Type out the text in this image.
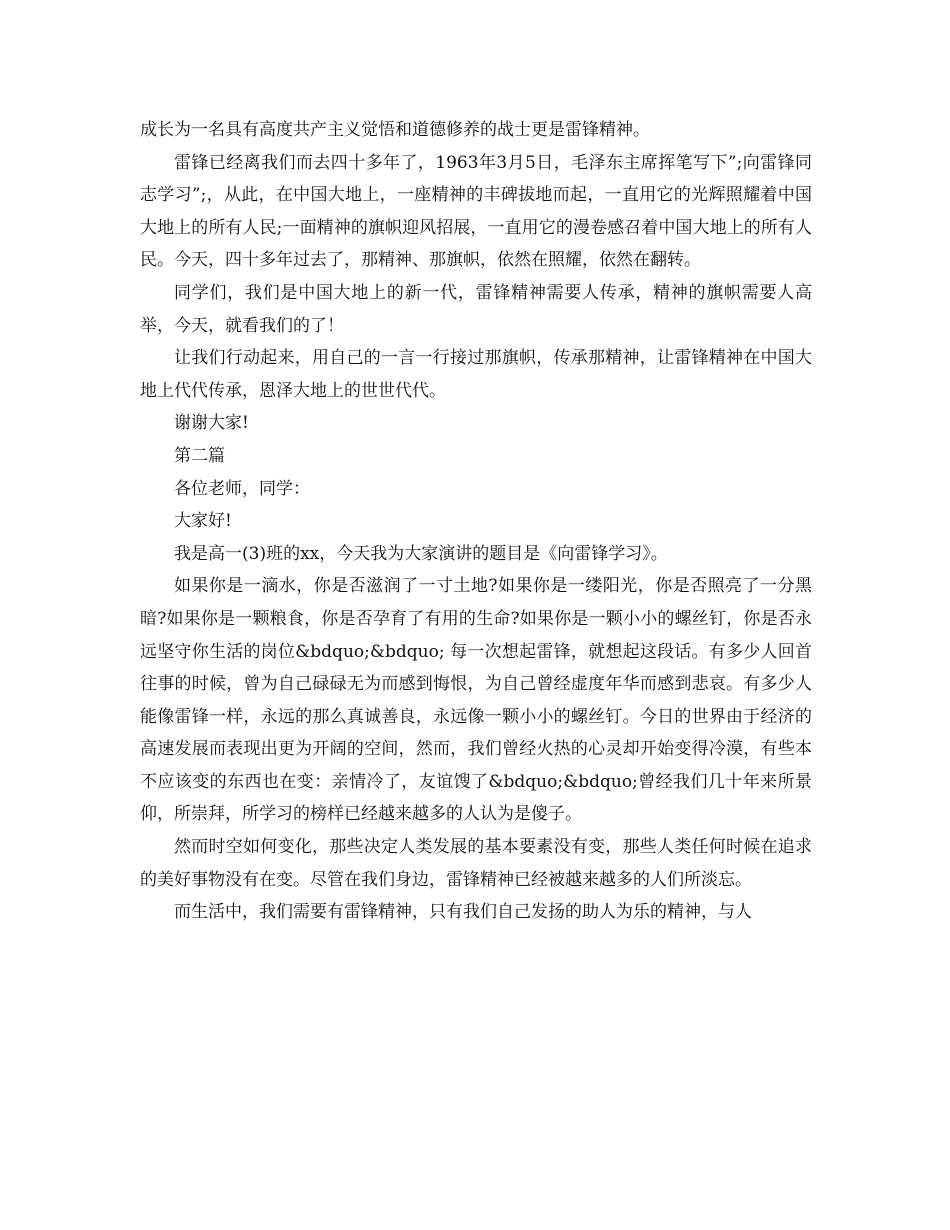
成长为一名具有高度共产主义觉悟和道德修养的战士更是雷锋精神。

雷锋已经离我们而去四十多年了，1963年3月5日，毛泽东主席挥笔写下”;向雷锋同志学习”;，从此，在中国大地上，一座精神的丰碑拔地而起，一直用它的光辉照耀着中国大地上的所有人民;一面精神的旗帜迎风招展，一直用它的漫卷感召着中国大地上的所有人民。今天，四十多年过去了，那精神、那旗帜，依然在照耀，依然在翻转。

同学们，我们是中国大地上的新一代，雷锋精神需要人传承，精神的旗帜需要人高举，今天，就看我们的了！

让我们行动起来，用自己的一言一行接过那旗帜，传承那精神，让雷锋精神在中国大地上代代传承，恩泽大地上的世世代代。

谢谢大家!

第二篇

各位老师，同学：

大家好!

我是高一(3)班的xx，今天我为大家演讲的题目是《向雷锋学习》。

如果你是一滴水，你是否滋润了一寸土地?如果你是一缕阳光，你是否照亮了一分黑暗?如果你是一颗粮食，你是否孕育了有用的生命?如果你是一颗小小的螺丝钉，你是否永远坚守你生活的岗位&bdquo;&bdquo; 每一次想起雷锋，就想起这段话。有多少人回首往事的时候，曾为自己碌碌无为而感到悔恨，为自己曾经虚度年华而感到悲哀。有多少人能像雷锋一样，永远的那么真诚善良，永远像一颗小小的螺丝钉。今日的世界由于经济的高速发展而表现出更为开阔的空间，然而，我们曾经火热的心灵却开始变得冷漠，有些本不应该变的东西也在变：亲情冷了，友谊馊了&bdquo;&bdquo;曾经我们几十年来所景仰，所崇拜，所学习的榜样已经越来越多的人认为是傻子。

然而时空如何变化，那些决定人类发展的基本要素没有变，那些人类任何时候在追求的美好事物没有在变。尽管在我们身边，雷锋精神已经被越来越多的人们所淡忘。

而生活中，我们需要有雷锋精神，只有我们自己发扬的助人为乐的精神，与人
